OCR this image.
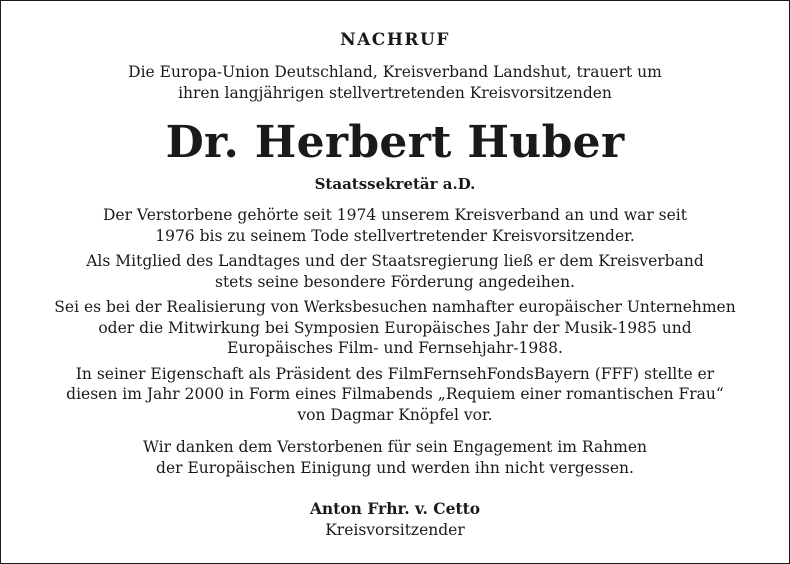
NACHRUF
Die Europa-Union Deutschland, Kreisverband Landshut, trauert um
ihren langjährigen stellvertretenden Kreisvorsitzenden
Dr. Herbert Huber
Staatssekretär a.D.
Der Verstorbene gehörte seit 1974 unserem Kreisverband an und war seit
1976 bis zu seinem Tode stellvertretender Kreisvorsitzender.
Als Mitglied des Landtages und der Staatsregierung ließ er dem Kreisverband
stets seine besondere Förderung angedeihen.
Sei es bei der Realisierung von Werksbesuchen namhafter europäischer Unternehmen
oder die Mitwirkung bei Symposien Europäisches Jahr der Musik-1985 und
Europäisches Film- und Fernsehjahr-1988.
In seiner Eigenschaft als Präsident des FilmFernsehFondsBayern (FFF) stellte er
diesen im Jahr 2000 in Form eines Filmabends „Requiem einer romantischen Frau“
von Dagmar Knöpfel vor.
Wir danken dem Verstorbenen für sein Engagement im Rahmen
der Europäischen Einigung und werden ihn nicht vergessen.
Anton Frhr. v. Cetto
Kreisvorsitzender
